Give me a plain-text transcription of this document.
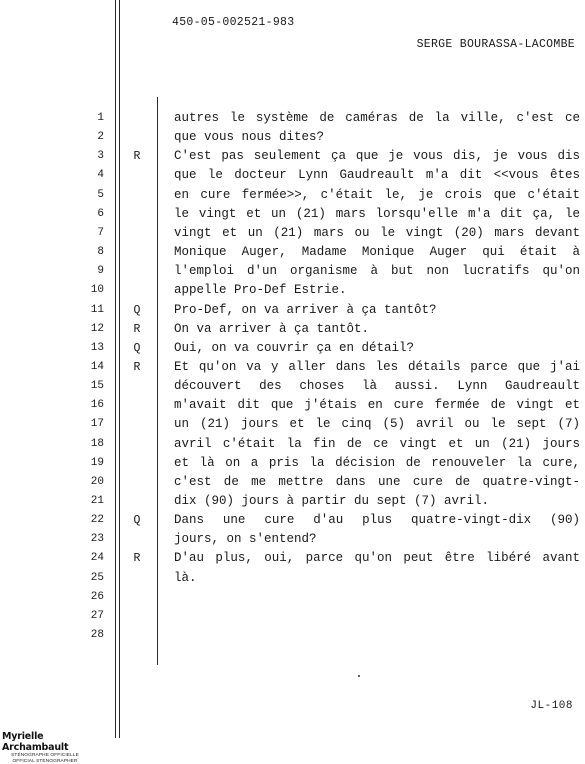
450-05-002521-983
SERGE BOURASSA-LACOMBE
1	autres le système de caméras de la ville, c'est ce
2	que vous nous dites?
3	R	C'est pas seulement ça que je vous dis, je vous dis
4	que le docteur Lynn Gaudreault m'a dit <<vous êtes
5	en cure fermée>>, c'était le, je crois que c'était
6	le vingt et un (21) mars lorsqu'elle m'a dit ça, le
7	vingt et un (21) mars ou le vingt (20) mars devant
8	Monique Auger, Madame Monique Auger qui était à
9	l'emploi d'un organisme à but non lucratifs qu'on
10	appelle Pro-Def Estrie.
11	Q	Pro-Def, on va arriver à ça tantôt?
12	R	On va arriver à ça tantôt.
13	Q	Oui, on va couvrir ça en détail?
14	R	Et qu'on va y aller dans les détails parce que j'ai
15	découvert des choses là aussi. Lynn Gaudreault
16	m'avait dit que j'étais en cure fermée de vingt et
17	un (21) jours et le cinq (5) avril ou le sept (7)
18	avril c'était la fin de ce vingt et un (21) jours
19	et là on a pris la décision de renouveler la cure,
20	c'est de me mettre dans une cure de quatre-vingt-
21	dix (90) jours à partir du sept (7) avril.
22	Q	Dans une cure d'au plus quatre-vingt-dix (90)
23	jours, on s'entend?
24	R	D'au plus, oui, parce qu'on peut être libéré avant
25	là.
26
27
28
JL-108
Myrielle Archambault
STÉNOGRAPHE OFFICIELLE
OFFICIAL STENOGRAPHER
